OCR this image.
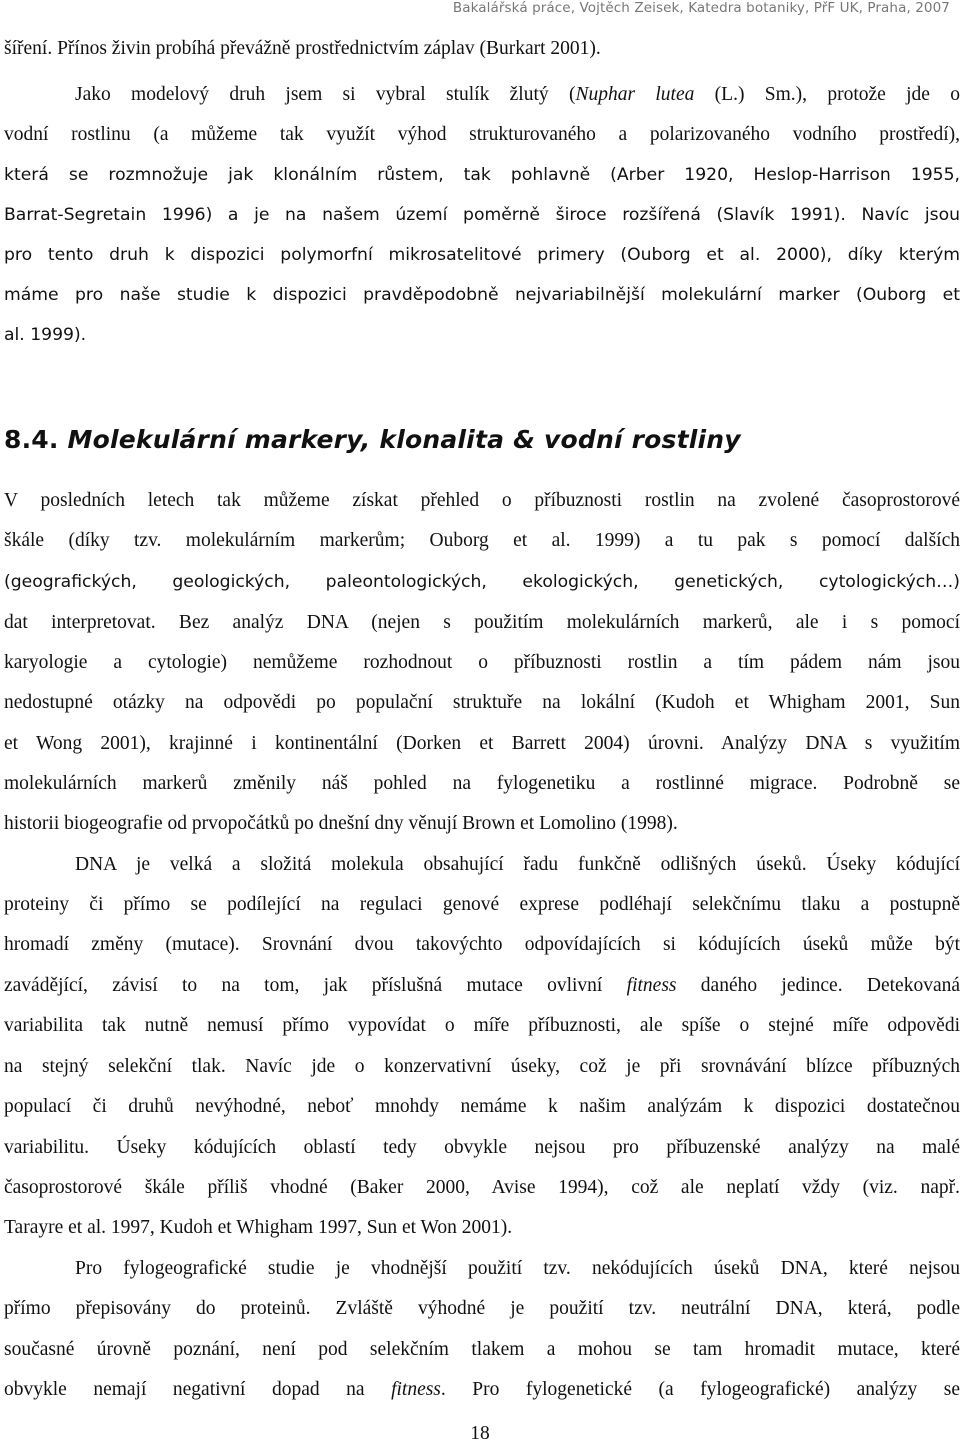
Bakalářská práce, Vojtěch Zeisek, Katedra botaniky, PřF UK, Praha, 2007

šíření. Přínos živin probíhá převážně prostřednictvím záplav (Burkart 2001).

Jako modelový druh jsem si vybral stulík žlutý (Nuphar lutea (L.) Sm.), protože jde o

vodní rostlinu (a můžeme tak využít výhod strukturovaného a polarizovaného vodního prostředí),

která se rozmnožuje jak klonálním růstem, tak pohlavně (Arber 1920, Heslop-Harrison 1955,

Barrat-Segretain 1996) a je na našem území poměrně široce rozšířená (Slavík 1991). Navíc jsou

pro tento druh k dispozici polymorfní mikrosatelitové primery (Ouborg et al. 2000), díky kterým

máme pro naše studie k dispozici pravděpodobně nejvariabilnější molekulární marker (Ouborg et

al. 1999).

8.4. Molekulární markery, klonalita & vodní rostliny

V posledních letech tak můžeme získat přehled o příbuznosti rostlin na zvolené časoprostorové

škále (díky tzv. molekulárním markerům; Ouborg et al. 1999) a tu pak s pomocí dalších

(geografických, geologických, paleontologických, ekologických, genetických, cytologických…)

dat interpretovat. Bez analýz DNA (nejen s použitím molekulárních markerů, ale i s pomocí

karyologie a cytologie) nemůžeme rozhodnout o příbuznosti rostlin a tím pádem nám jsou

nedostupné otázky na odpovědi po populační struktuře na lokální (Kudoh et Whigham 2001, Sun

et Wong 2001), krajinné i kontinentální (Dorken et Barrett 2004) úrovni. Analýzy DNA s využitím

molekulárních markerů změnily náš pohled na fylogenetiku a rostlinné migrace. Podrobně se

historii biogeografie od prvopočátků po dnešní dny věnují Brown et Lomolino (1998).

DNA je velká a složitá molekula obsahující řadu funkčně odlišných úseků. Úseky kódující

proteiny či přímo se podílející na regulaci genové exprese podléhají selekčnímu tlaku a postupně

hromadí změny (mutace). Srovnání dvou takovýchto odpovídajících si kódujících úseků může být

zavádějící, závisí to na tom, jak příslušná mutace ovlivní fitness daného jedince. Detekovaná

variabilita tak nutně nemusí přímo vypovídat o míře příbuznosti, ale spíše o stejné míře odpovědi

na stejný selekční tlak. Navíc jde o konzervativní úseky, což je při srovnávání blízce příbuzných

populací či druhů nevýhodné, neboť mnohdy nemáme k našim analýzám k dispozici dostatečnou

variabilitu. Úseky kódujících oblastí tedy obvykle nejsou pro příbuzenské analýzy na malé

časoprostorové škále příliš vhodné (Baker 2000, Avise 1994), což ale neplatí vždy (viz. např.

Tarayre et al. 1997, Kudoh et Whigham 1997, Sun et Won 2001).

Pro fylogeografické studie je vhodnější použití tzv. nekódujících úseků DNA, které nejsou

přímo přepisovány do proteinů. Zvláště výhodné je použití tzv. neutrální DNA, která, podle

současné úrovně poznání, není pod selekčním tlakem a mohou se tam hromadit mutace, které

obvykle nemají negativní dopad na fitness. Pro fylogenetické (a fylogeografické) analýzy se

18
